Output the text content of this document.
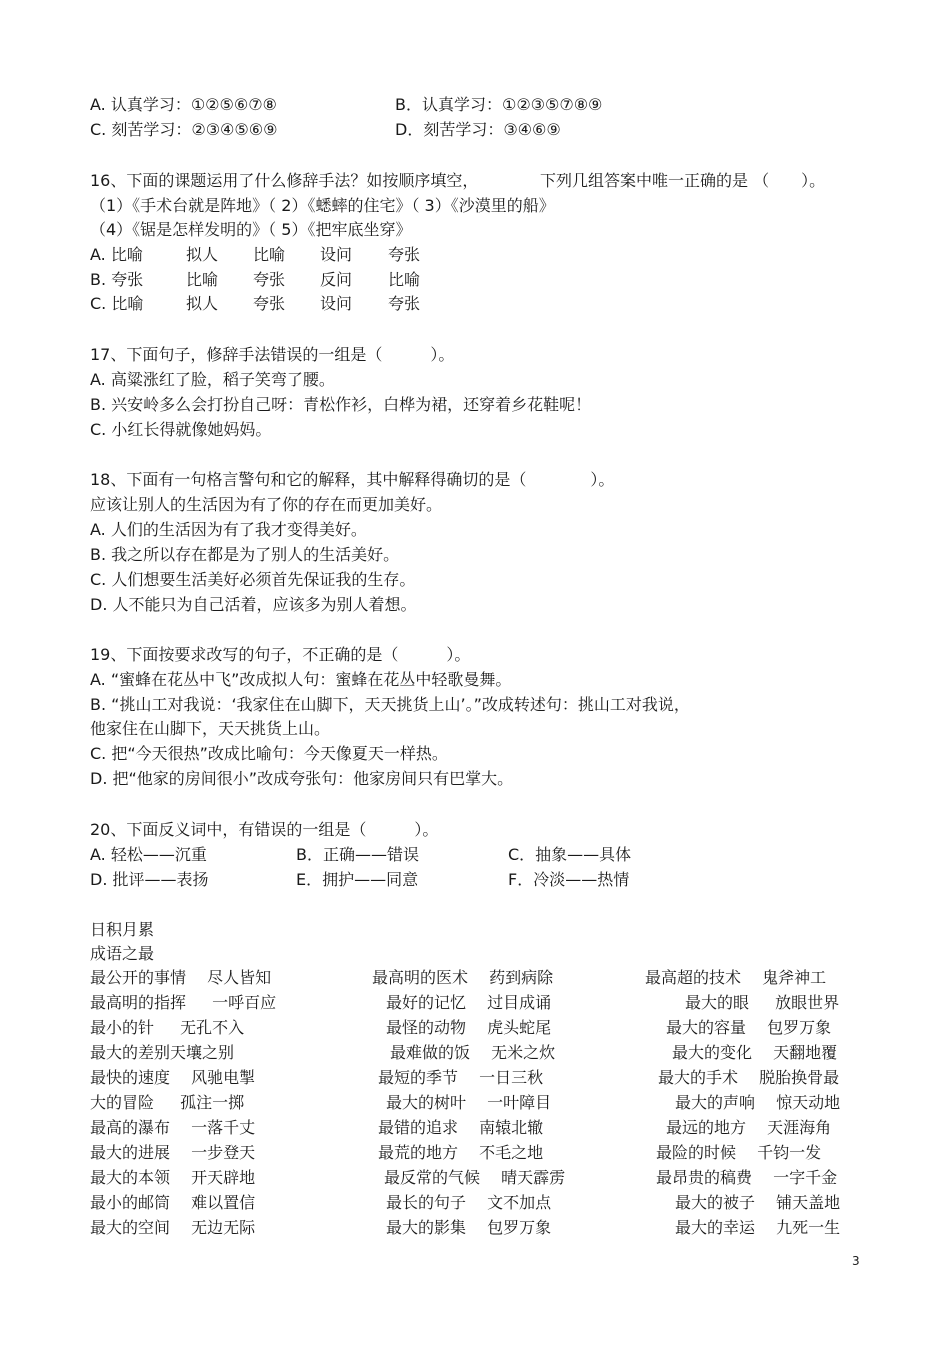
A. 认真学习：①②⑤⑥⑦⑧	B．认真学习：①②③⑤⑦⑧⑨
C. 刻苦学习：②③④⑤⑥⑨	D．刻苦学习：③④⑥⑨
16、下面的课题运用了什么修辞手法？如按顺序填空，	下列几组答案中唯一正确的是 （　　）。
（1）《手术台就是阵地》（ 2）《蟋蟀的住宅》（ 3）《沙漠里的船》
（4）《锯是怎样发明的》（ 5）《把牢底坐穿》
A. 比喻	拟人 比喻 设问 夸张
B. 夸张	比喻 夸张 反问 比喻
C. 比喻	拟人 夸张 设问 夸张
17、下面句子，修辞手法错误的一组是（　　　）。
A. 高粱涨红了脸，稻子笑弯了腰。
B. 兴安岭多么会打扮自己呀：青松作衫，白桦为裙，还穿着乡花鞋呢！
C. 小红长得就像她妈妈。
18、下面有一句格言警句和它的解释，其中解释得确切的是（　　　　）。
应该让别人的生活因为有了你的存在而更加美好。
A. 人们的生活因为有了我才变得美好。
B. 我之所以存在都是为了别人的生活美好。
C. 人们想要生活美好必须首先保证我的生存。
D. 人不能只为自己活着，应该多为别人着想。
19、下面按要求改写的句子，不正确的是（　　　）。
A. “蜜蜂在花丛中飞”改成拟人句：蜜蜂在花丛中轻歌曼舞。
B. “挑山工对我说：‘我家住在山脚下，天天挑货上山’。”改成转述句：挑山工对我说，
他家住在山脚下，天天挑货上山。
C. 把“今天很热”改成比喻句：今天像夏天一样热。
D. 把“他家的房间很小”改成夸张句：他家房间只有巴掌大。
20、下面反义词中，有错误的一组是（　　　）。
A. 轻松——沉重	B．正确——错误	C．抽象——具体
D. 批评——表扬	E．拥护——同意	F．冷淡——热情
日积月累
成语之最
最公开的事情　 尽人皆知	最高明的医术 　药到病除	最高超的技术 　鬼斧神工
最高明的指挥 　 一呼百应	最好的记忆 　过目成诵	最大的眼 　 放眼世界
最小的针 　 无孔不入	最怪的动物 　虎头蛇尾	最大的容量 　包罗万象
最大的差别天壤之别	最难做的饭 　无米之炊	最大的变化 　天翻地覆
最快的速度 　风驰电掣	最短的季节 　一日三秋	最大的手术 　脱胎换骨最
大的冒险 　 孤注一掷	最大的树叶 　一叶障目	最大的声响 　惊天动地
最高的瀑布 　一落千丈	最错的追求 　南辕北辙	最远的地方 　天涯海角
最大的进展 　一步登天	最荒的地方 　不毛之地	最险的时候 　千钧一发
最大的本领 　开天辟地	最反常的气候 　晴天霹雳	最昂贵的稿费 　一字千金
最小的邮筒 　难以置信	最长的句子 　文不加点	最大的被子 　铺天盖地
最大的空间 　无边无际	最大的影集 　包罗万象	最大的幸运 　九死一生
3
